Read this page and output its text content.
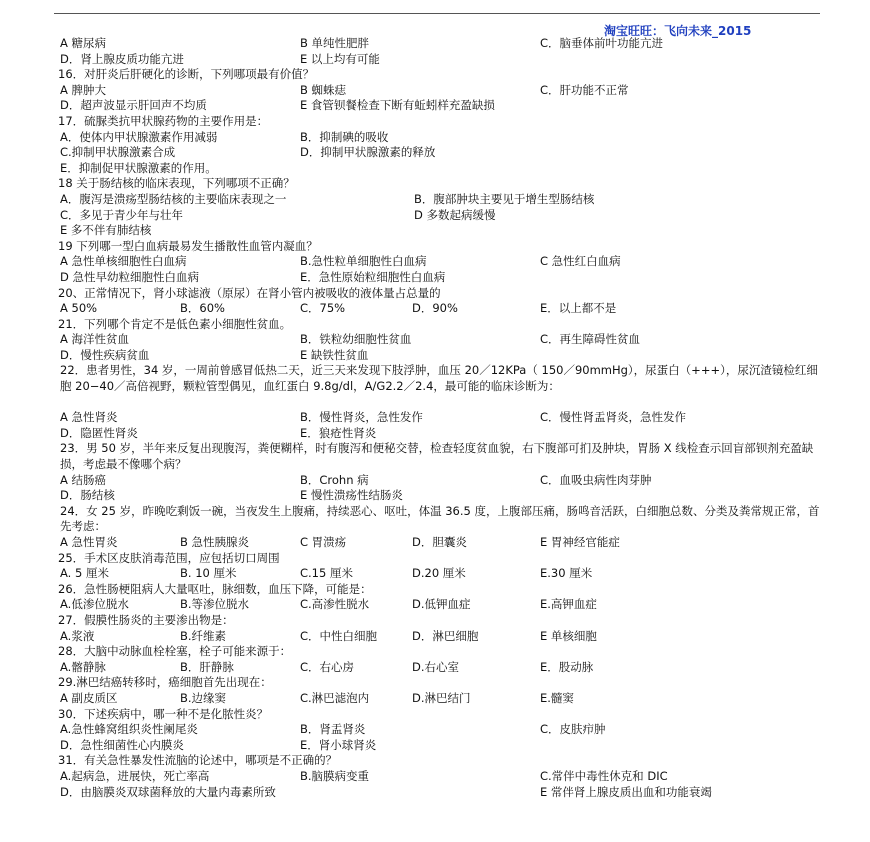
淘宝旺旺：飞向未来_2015
A 糖尿病	B 单纯性肥胖	C．脑垂体前叶功能亢进
D．肾上腺皮质功能亢进	E 以上均有可能
16．对肝炎后肝硬化的诊断，下列哪项最有价值？
A 脾肿大	B 蜘蛛痣	C．肝功能不正常
D．超声波显示肝回声不均质	E 食管钡餐检查下断有蚯蚓样充盈缺损
17．硫脲类抗甲状腺药物的主要作用是：
A．使体内甲状腺激素作用减弱	B．抑制碘的吸收
C.抑制甲状腺激素合成	D．抑制甲状腺激素的释放
E．抑制促甲状腺激素的作用。
18 关于肠结核的临床表现，下列哪项不正确？
A．腹泻是溃疡型肠结核的主要临床表现之一	B．腹部肿块主要见于增生型肠结核
C．多见于青少年与壮年	D 多数起病缓慢
E 多不伴有肺结核
19 下列哪一型白血病最易发生播散性血管内凝血？
A 急性单核细胞性白血病	B.急性粒单细胞性白血病	C 急性红白血病
D 急性早幼粒细胞性白血病	E．急性原始粒细胞性白血病
20、正常情况下，肾小球滤液（原尿）在肾小管内被吸收的液体量占总量的
A 50%	B．60%	C．75%	D．90%	E．以上都不是
21．下列哪个肯定不是低色素小细胞性贫血。
A 海洋性贫血	B．铁粒幼细胞性贫血	C．再生障碍性贫血
D．慢性疾病贫血	E 缺铁性贫血
22．患者男性，34 岁，一周前曾感冒低热二天，近三天来发现下肢浮肿，血压 20／12KPa（ 150／90mmHg），尿蛋白（+++），尿沉渣镜检红细胞 20−40／高倍视野，颗粒管型偶见，血红蛋白 9.8g/dl，A/G2.2／2.4，最可能的临床诊断为：
A 急性肾炎	B．慢性肾炎，急性发作	C．慢性肾盂肾炎，急性发作
D．隐匿性肾炎	E．狼疮性肾炎
23．男 50 岁，半年来反复出现腹泻，粪便糊样，时有腹泻和便秘交替，检查轻度贫血貌，右下腹部可扪及肿块，胃肠 X 线检查示回盲部钡剂充盈缺损，考虑最不像哪个病？
A 结肠癌	B．Crohn 病	C．血吸虫病性肉芽肿
D．肠结核	E 慢性溃疡性结肠炎
24．女 25 岁，昨晚吃剩饭一碗，当夜发生上腹痛，持续恶心、呕吐，体温 36.5 度，上腹部压痛，肠鸣音活跃，白细胞总数、分类及粪常规正常，首先考虑：
A 急性胃炎	B 急性胰腺炎	C 胃溃疡	D．胆囊炎	E 胃神经官能症
25．手术区皮肤消毒范围，应包括切口周围
A. 5 厘米	B. 10 厘米	C.15 厘米	D.20 厘米	E.30 厘米
26．急性肠梗阻病人大量呕吐，脉细数，血压下降，可能是：
A.低渗位脱水	B.等渗位脱水	C.高渗性脱水	D.低钾血症	E.高钾血症
27．假膜性肠炎的主要渗出物是：
A.浆液	B.纤维素	C．中性白细胞	D．淋巴细胞	E 单核细胞
28．大脑中动脉血栓栓塞，栓子可能来源于：
A.髂静脉	B．肝静脉	C．右心房	D.右心室	E．股动脉
29.淋巴结癌转移时，癌细胞首先出现在：
A 副皮质区	B.边缘窦	C.淋巴滤泡内	D.淋巴结门	E.髓窦
30．下述疾病中，哪一种不是化脓性炎？
A.急性蜂窝组织炎性阑尾炎	B．肾盂肾炎	C．皮肤疖肿
D．急性细菌性心内膜炎	E．肾小球肾炎
31．有关急性暴发性流脑的论述中，哪项是不正确的？
A.起病急，进展快，死亡率高	B.脑膜病变重	C.常伴中毒性休克和 DIC
D．由脑膜炎双球菌释放的大量内毒素所致	E 常伴肾上腺皮质出血和功能衰竭
